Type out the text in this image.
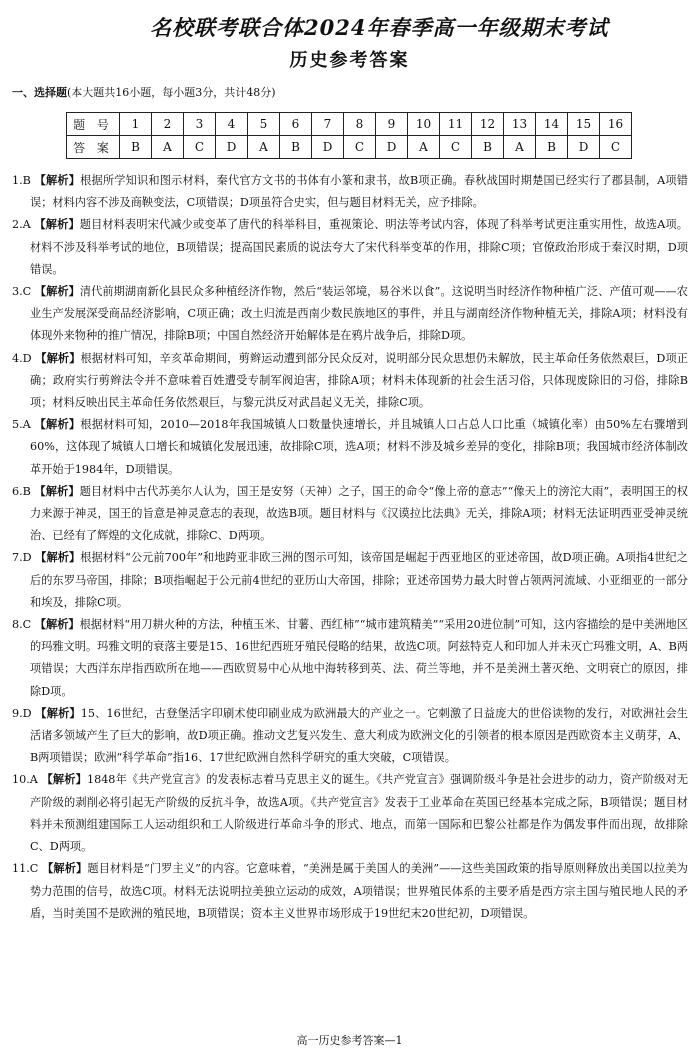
名校联考联合体2024年春季高一年级期末考试
历史参考答案
一、选择题(本大题共16小题，每小题3分，共计48分)
题 号	1	2	3	4	5	6	7	8	9	10	11	12	13	14	15	16
答 案	B	A	C	D	A	B	D	C	D	A	C	B	A	B	D	C

1.B 【解析】根据所学知识和图示材料，秦代官方文书的书体有小篆和隶书，故B项正确。春秋战国时期楚国已经实行了郡县制，A项错误；材料内容不涉及商鞅变法，C项错误；D项虽符合史实，但与题目材料无关，应予排除。

2.A 【解析】题目材料表明宋代减少或变革了唐代的科举科目，重视策论、明法等考试内容，体现了科举考试更注重实用性，故选A项。材料不涉及科举考试的地位，B项错误；提高国民素质的说法夸大了宋代科举变革的作用，排除C项；官僚政治形成于秦汉时期，D项错误。

3.C 【解析】清代前期湖南新化县民众多种植经济作物，然后“装运邻境，易谷米以食”。这说明当时经济作物种植广泛、产值可观——农业生产发展深受商品经济影响，C项正确；改土归流是西南少数民族地区的事件，并且与湖南经济作物种植无关，排除A项；材料没有体现外来物种的推广情况，排除B项；中国自然经济开始解体是在鸦片战争后，排除D项。

4.D 【解析】根据材料可知，辛亥革命期间，剪辫运动遭到部分民众反对，说明部分民众思想仍未解放，民主革命任务依然艰巨，D项正确；政府实行剪辫法令并不意味着百姓遭受专制军阀迫害，排除A项；材料未体现新的社会生活习俗，只体现废除旧的习俗，排除B项；材料反映出民主革命任务依然艰巨，与黎元洪反对武昌起义无关，排除C项。

5.A 【解析】根据材料可知，2010—2018年我国城镇人口数量快速增长，并且城镇人口占总人口比重（城镇化率）由50%左右骤增到60%，这体现了城镇人口增长和城镇化发展迅速，故排除C项，选A项；材料不涉及城乡差异的变化，排除B项；我国城市经济体制改革开始于1984年，D项错误。

6.B 【解析】题目材料中古代苏美尔人认为，国王是安努（天神）之子，国王的命令“像上帝的意志”“像天上的滂沱大雨”，表明国王的权力来源于神灵，国王的旨意是神灵意志的表现，故选B项。题目材料与《汉谟拉比法典》无关，排除A项；材料无法证明西亚受神灵统治、已经有了辉煌的文化成就，排除C、D两项。

7.D 【解析】根据材料“公元前700年”和地跨亚非欧三洲的图示可知，该帝国是崛起于西亚地区的亚述帝国，故D项正确。A项指4世纪之后的东罗马帝国，排除；B项指崛起于公元前4世纪的亚历山大帝国，排除；亚述帝国势力最大时曾占领两河流域、小亚细亚的一部分和埃及，排除C项。

8.C 【解析】根据材料“用刀耕火种的方法，种植玉米、甘薯、西红柿”“城市建筑精美”“采用20进位制”可知，这内容描绘的是中美洲地区的玛雅文明。玛雅文明的衰落主要是15、16世纪西班牙殖民侵略的结果，故选C项。阿兹特克人和印加人并未灭亡玛雅文明，A、B两项错误；大西洋东岸指西欧所在地——西欧贸易中心从地中海转移到英、法、荷兰等地，并不是美洲土著灭绝、文明衰亡的原因，排除D项。

9.D 【解析】15、16世纪，古登堡活字印刷术使印刷业成为欧洲最大的产业之一。它刺激了日益庞大的世俗读物的发行，对欧洲社会生活诸多领域产生了巨大的影响，故D项正确。推动文艺复兴发生、意大利成为欧洲文化的引领者的根本原因是西欧资本主义萌芽，A、B两项错误；欧洲“科学革命”指16、17世纪欧洲自然科学研究的重大突破，C项错误。

10.A 【解析】1848年《共产党宣言》的发表标志着马克思主义的诞生。《共产党宣言》强调阶级斗争是社会进步的动力，资产阶级对无产阶级的剥削必将引起无产阶级的反抗斗争，故选A项。《共产党宣言》发表于工业革命在英国已经基本完成之际，B项错误；题目材料并未预测组建国际工人运动组织和工人阶级进行革命斗争的形式、地点，而第一国际和巴黎公社都是作为偶发事件而出现，故排除C、D两项。

11.C 【解析】题目材料是“门罗主义”的内容。它意味着，“美洲是属于美国人的美洲”——这些美国政策的指导原则释放出美国以拉美为势力范围的信号，故选C项。材料无法说明拉美独立运动的成效，A项错误；世界殖民体系的主要矛盾是西方宗主国与殖民地人民的矛盾，当时美国不是欧洲的殖民地，B项错误；资本主义世界市场形成于19世纪末20世纪初，D项错误。

高一历史参考答案—1
